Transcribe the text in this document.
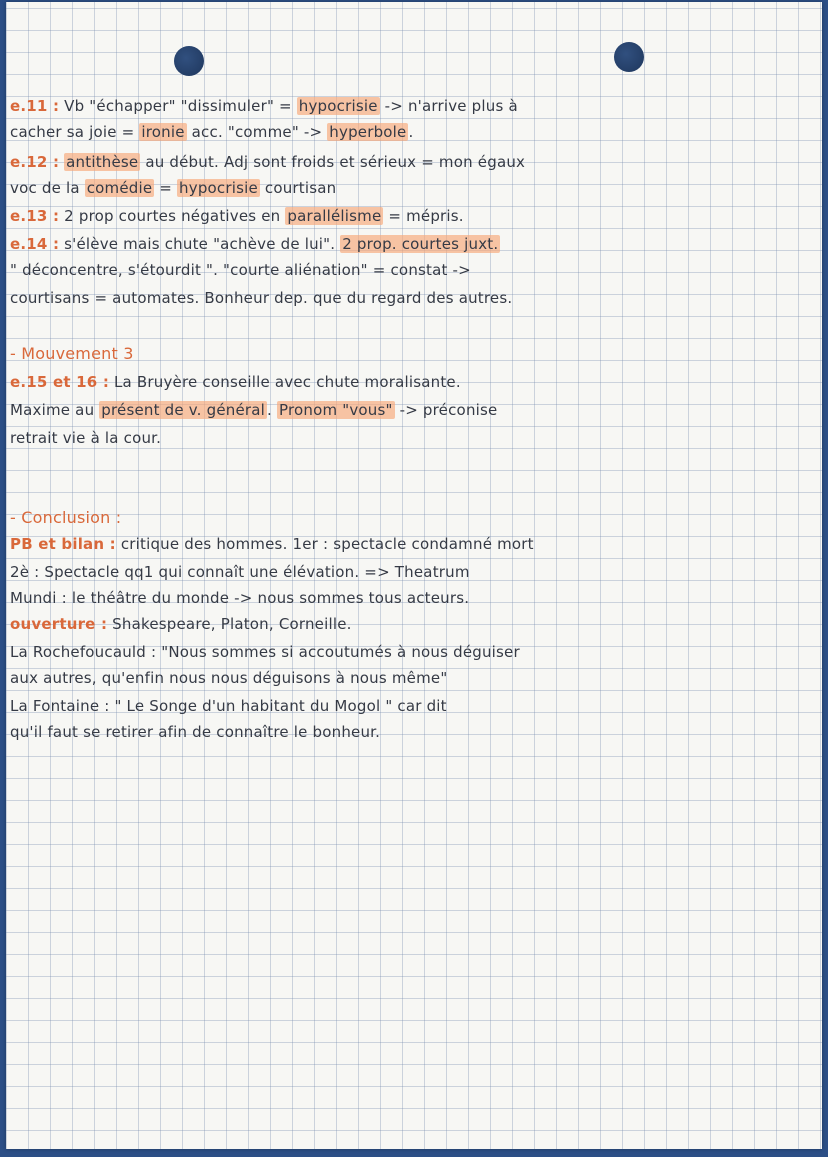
e.11 : Vb "échapper" "dissimuler" = hypocrisie -> n'arrive plus à
cacher sa joie = ironie acc. "comme" -> hyperbole .
e.12 : antithèse au début. Adj sont froids et sérieux = mon égaux
voc de la comédie = hypocrisie courtisan
e.13 : 2 prop courtes négatives en parallélisme = mépris.
e.14 : s'élève mais chute "achève de lui". 2 prop. courtes juxt.
" déconcentre, s'étourdit ". "courte aliénation" = constat ->
courtisans = automates. Bonheur dep. que du regard des autres.
- Mouvement 3
e.15 et 16 : La Bruyère conseille avec chute moralisante.
Maxime au présent de v. général . Pronom "vous" -> préconise
retrait vie à la cour.
- Conclusion :
PB et bilan : critique des hommes. 1er : spectacle condamné mort
2è : Spectacle qq1 qui connaît une élévation. => Theatrum
Mundi : le théâtre du monde -> nous sommes tous acteurs.
ouverture : Shakespeare, Platon, Corneille.
La Rochefoucauld : "Nous sommes si accoutumés à nous déguiser
aux autres, qu'enfin nous nous déguisons à nous même"
La Fontaine : " Le Songe d'un habitant du Mogol " car dit
qu'il faut se retirer afin de connaître le bonheur.
